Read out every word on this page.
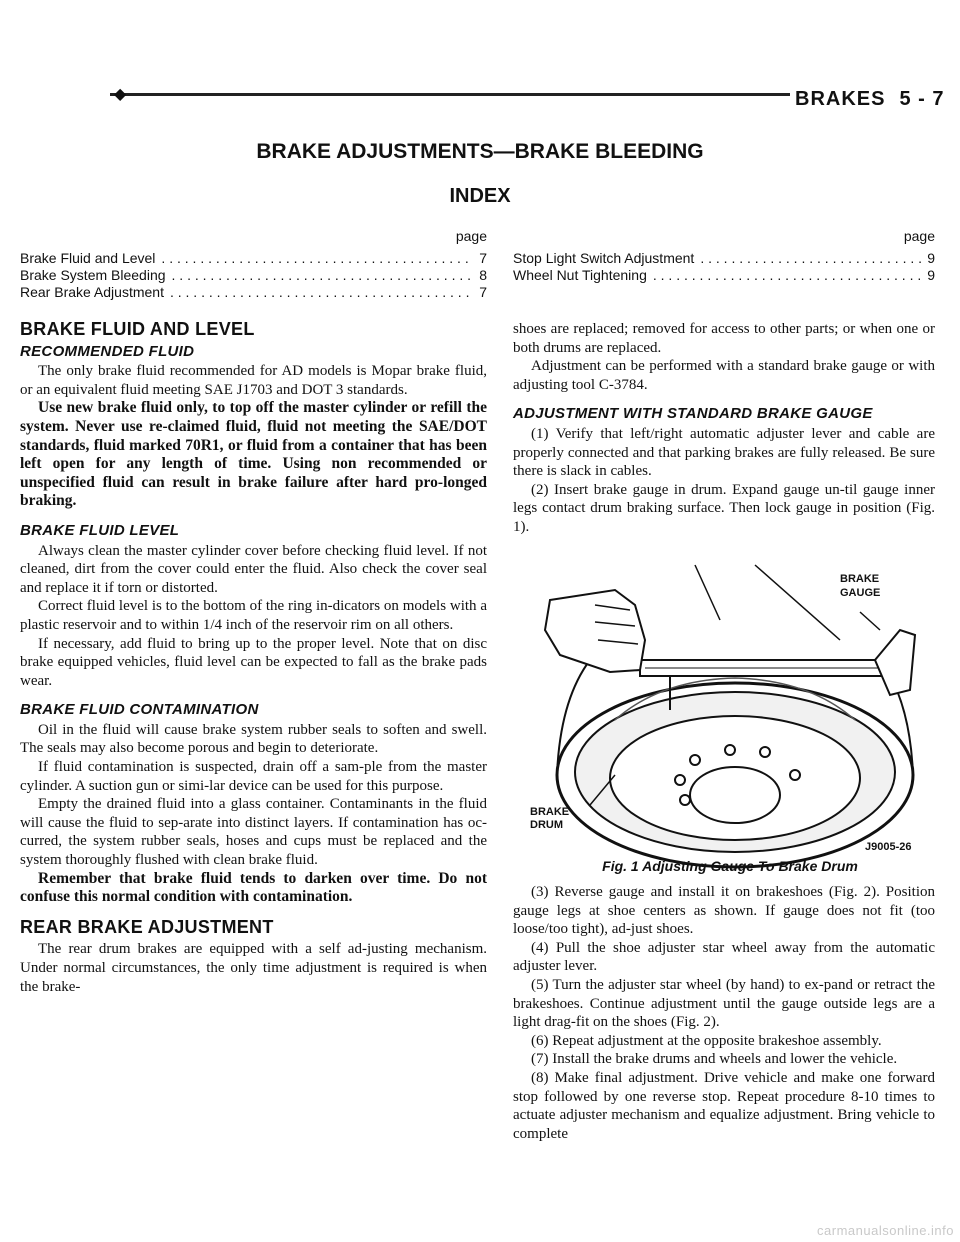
◆	BRAKES 5 - 7
BRAKE ADJUSTMENTS—BRAKE BLEEDING
INDEX
page
Brake Fluid and Level . . .	7
Brake System Bleeding . . .	8
Rear Brake Adjustment . . .	7
page
Stop Light Switch Adjustment . . .	9
Wheel Nut Tightening . . .	9
BRAKE FLUID AND LEVEL
RECOMMENDED FLUID

The only brake fluid recommended for AD models is Mopar brake fluid, or an equivalent fluid meeting SAE J1703 and DOT 3 standards.

Use new brake fluid only, to top off the master cylinder or refill the system. Never use re-claimed fluid, fluid not meeting the SAE/DOT standards, fluid marked 70R1, or fluid from a container that has been left open for any length of time. Using non recommended or unspecified fluid can result in brake failure after hard pro-longed braking.

BRAKE FLUID LEVEL

Always clean the master cylinder cover before checking fluid level. If not cleaned, dirt from the cover could enter the fluid. Also check the cover seal and replace it if torn or distorted.

Correct fluid level is to the bottom of the ring in-dicators on models with a plastic reservoir and to within 1/4 inch of the reservoir rim on all others.

If necessary, add fluid to bring up to the proper level. Note that on disc brake equipped vehicles, fluid level can be expected to fall as the brake pads wear.

BRAKE FLUID CONTAMINATION

Oil in the fluid will cause brake system rubber seals to soften and swell. The seals may also become porous and begin to deteriorate.

If fluid contamination is suspected, drain off a sam-ple from the master cylinder. A suction gun or simi-lar device can be used for this purpose.

Empty the drained fluid into a glass container. Contaminants in the fluid will cause the fluid to sep-arate into distinct layers. If contamination has oc-curred, the system rubber seals, hoses and cups must be replaced and the system thoroughly flushed with clean brake fluid.

Remember that brake fluid tends to darken over time. Do not confuse this normal condition with contamination.

REAR BRAKE ADJUSTMENT

The rear drum brakes are equipped with a self ad-justing mechanism. Under normal circumstances, the only time adjustment is required is when the brake-

shoes are replaced; removed for access to other parts; or when one or both drums are replaced.

Adjustment can be performed with a standard brake gauge or with adjusting tool C-3784.

ADJUSTMENT WITH STANDARD BRAKE GAUGE

(1) Verify that left/right automatic adjuster lever and cable are properly connected and that parking brakes are fully released. Be sure there is slack in cables.

(2) Insert brake gauge in drum. Expand gauge un-til gauge inner legs contact drum braking surface. Then lock gauge in position (Fig. 1).

BRAKE
GAUGE
BRAKE
DRUM
J9005-26
Fig. 1 Adjusting Gauge To Brake Drum

(3) Reverse gauge and install it on brakeshoes (Fig. 2). Position gauge legs at shoe centers as shown. If gauge does not fit (too loose/too tight), ad-just shoes.

(4) Pull the shoe adjuster star wheel away from the automatic adjuster lever.

(5) Turn the adjuster star wheel (by hand) to ex-pand or retract the brakeshoes. Continue adjustment until the gauge outside legs are a light drag-fit on the shoes (Fig. 2).

(6) Repeat adjustment at the opposite brakeshoe assembly.

(7) Install the brake drums and wheels and lower the vehicle.

(8) Make final adjustment. Drive vehicle and make one forward stop followed by one reverse stop. Repeat procedure 8-10 times to actuate adjuster mechanism and equalize adjustment. Bring vehicle to complete

carmanualsonline.info
